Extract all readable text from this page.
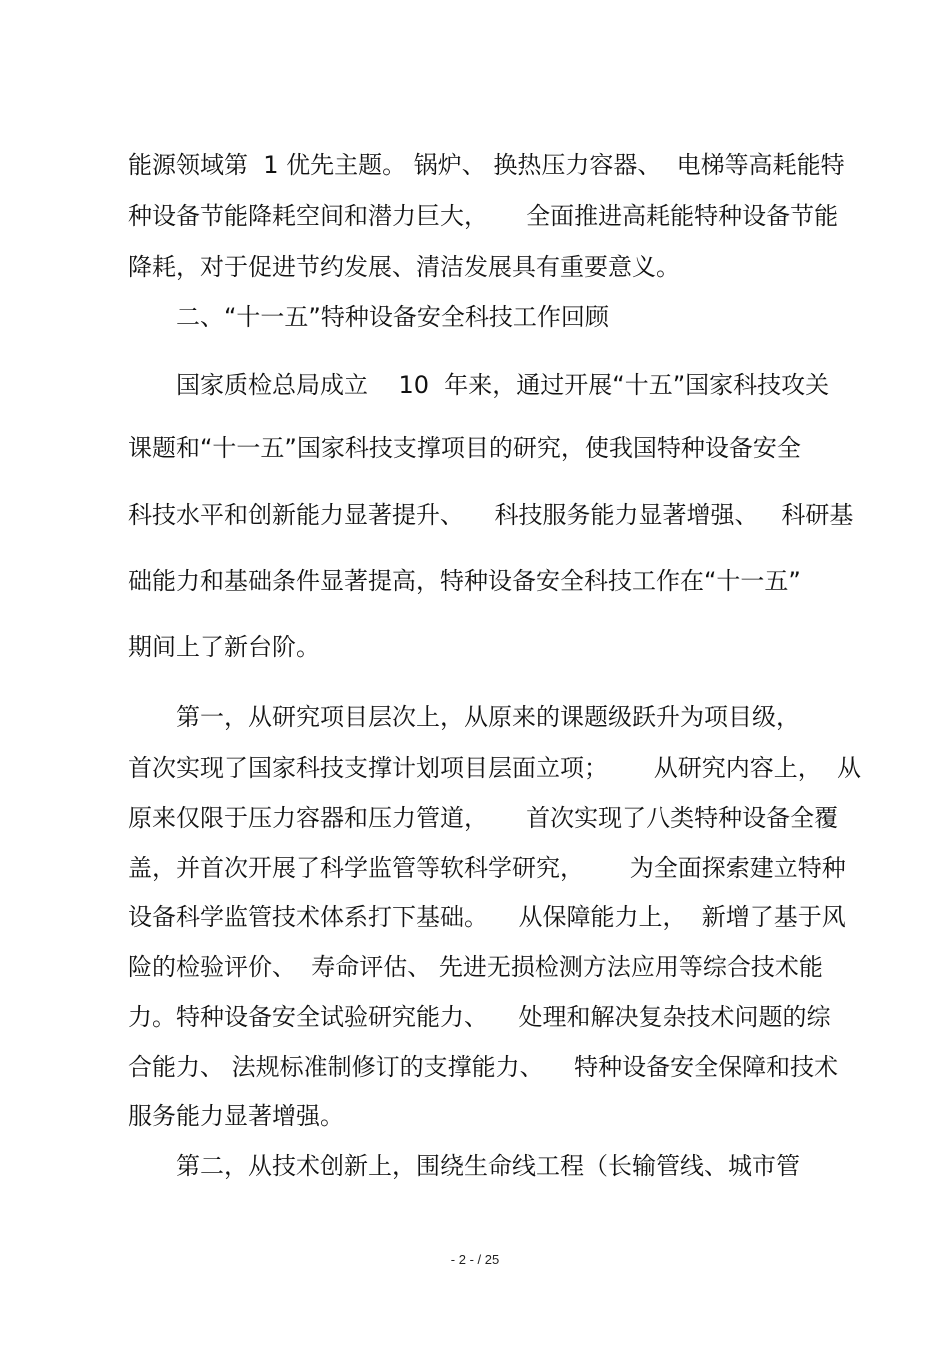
能源领域第  1 优先主题。 锅炉、 换热压力容器、  电梯等高耗能特
种设备节能降耗空间和潜力巨大，     全面推进高耗能特种设备节能
降耗，对于促进节约发展、清洁发展具有重要意义。
二、“十一五”特种设备安全科技工作回顾
国家质检总局成立    10  年来，通过开展“十五”国家科技攻关
课题和“十一五”国家科技支撑项目的研究，使我国特种设备安全
科技水平和创新能力显著提升、    科技服务能力显著增强、   科研基
础能力和基础条件显著提高，特种设备安全科技工作在“十一五”
期间上了新台阶。
第一，从研究项目层次上，从原来的课题级跃升为项目级，
首次实现了国家科技支撑计划项目层面立项；      从研究内容上，  从
原来仅限于压力容器和压力管道，     首次实现了八类特种设备全覆
盖，并首次开展了科学监管等软科学研究，      为全面探索建立特种
设备科学监管技术体系打下基础。    从保障能力上，  新增了基于风
险的检验评价、  寿命评估、 先进无损检测方法应用等综合技术能
力。特种设备安全试验研究能力、    处理和解决复杂技术问题的综
合能力、 法规标准制修订的支撑能力、    特种设备安全保障和技术
服务能力显著增强。
第二，从技术创新上，围绕生命线工程（长输管线、城市管
- 2 - / 25
